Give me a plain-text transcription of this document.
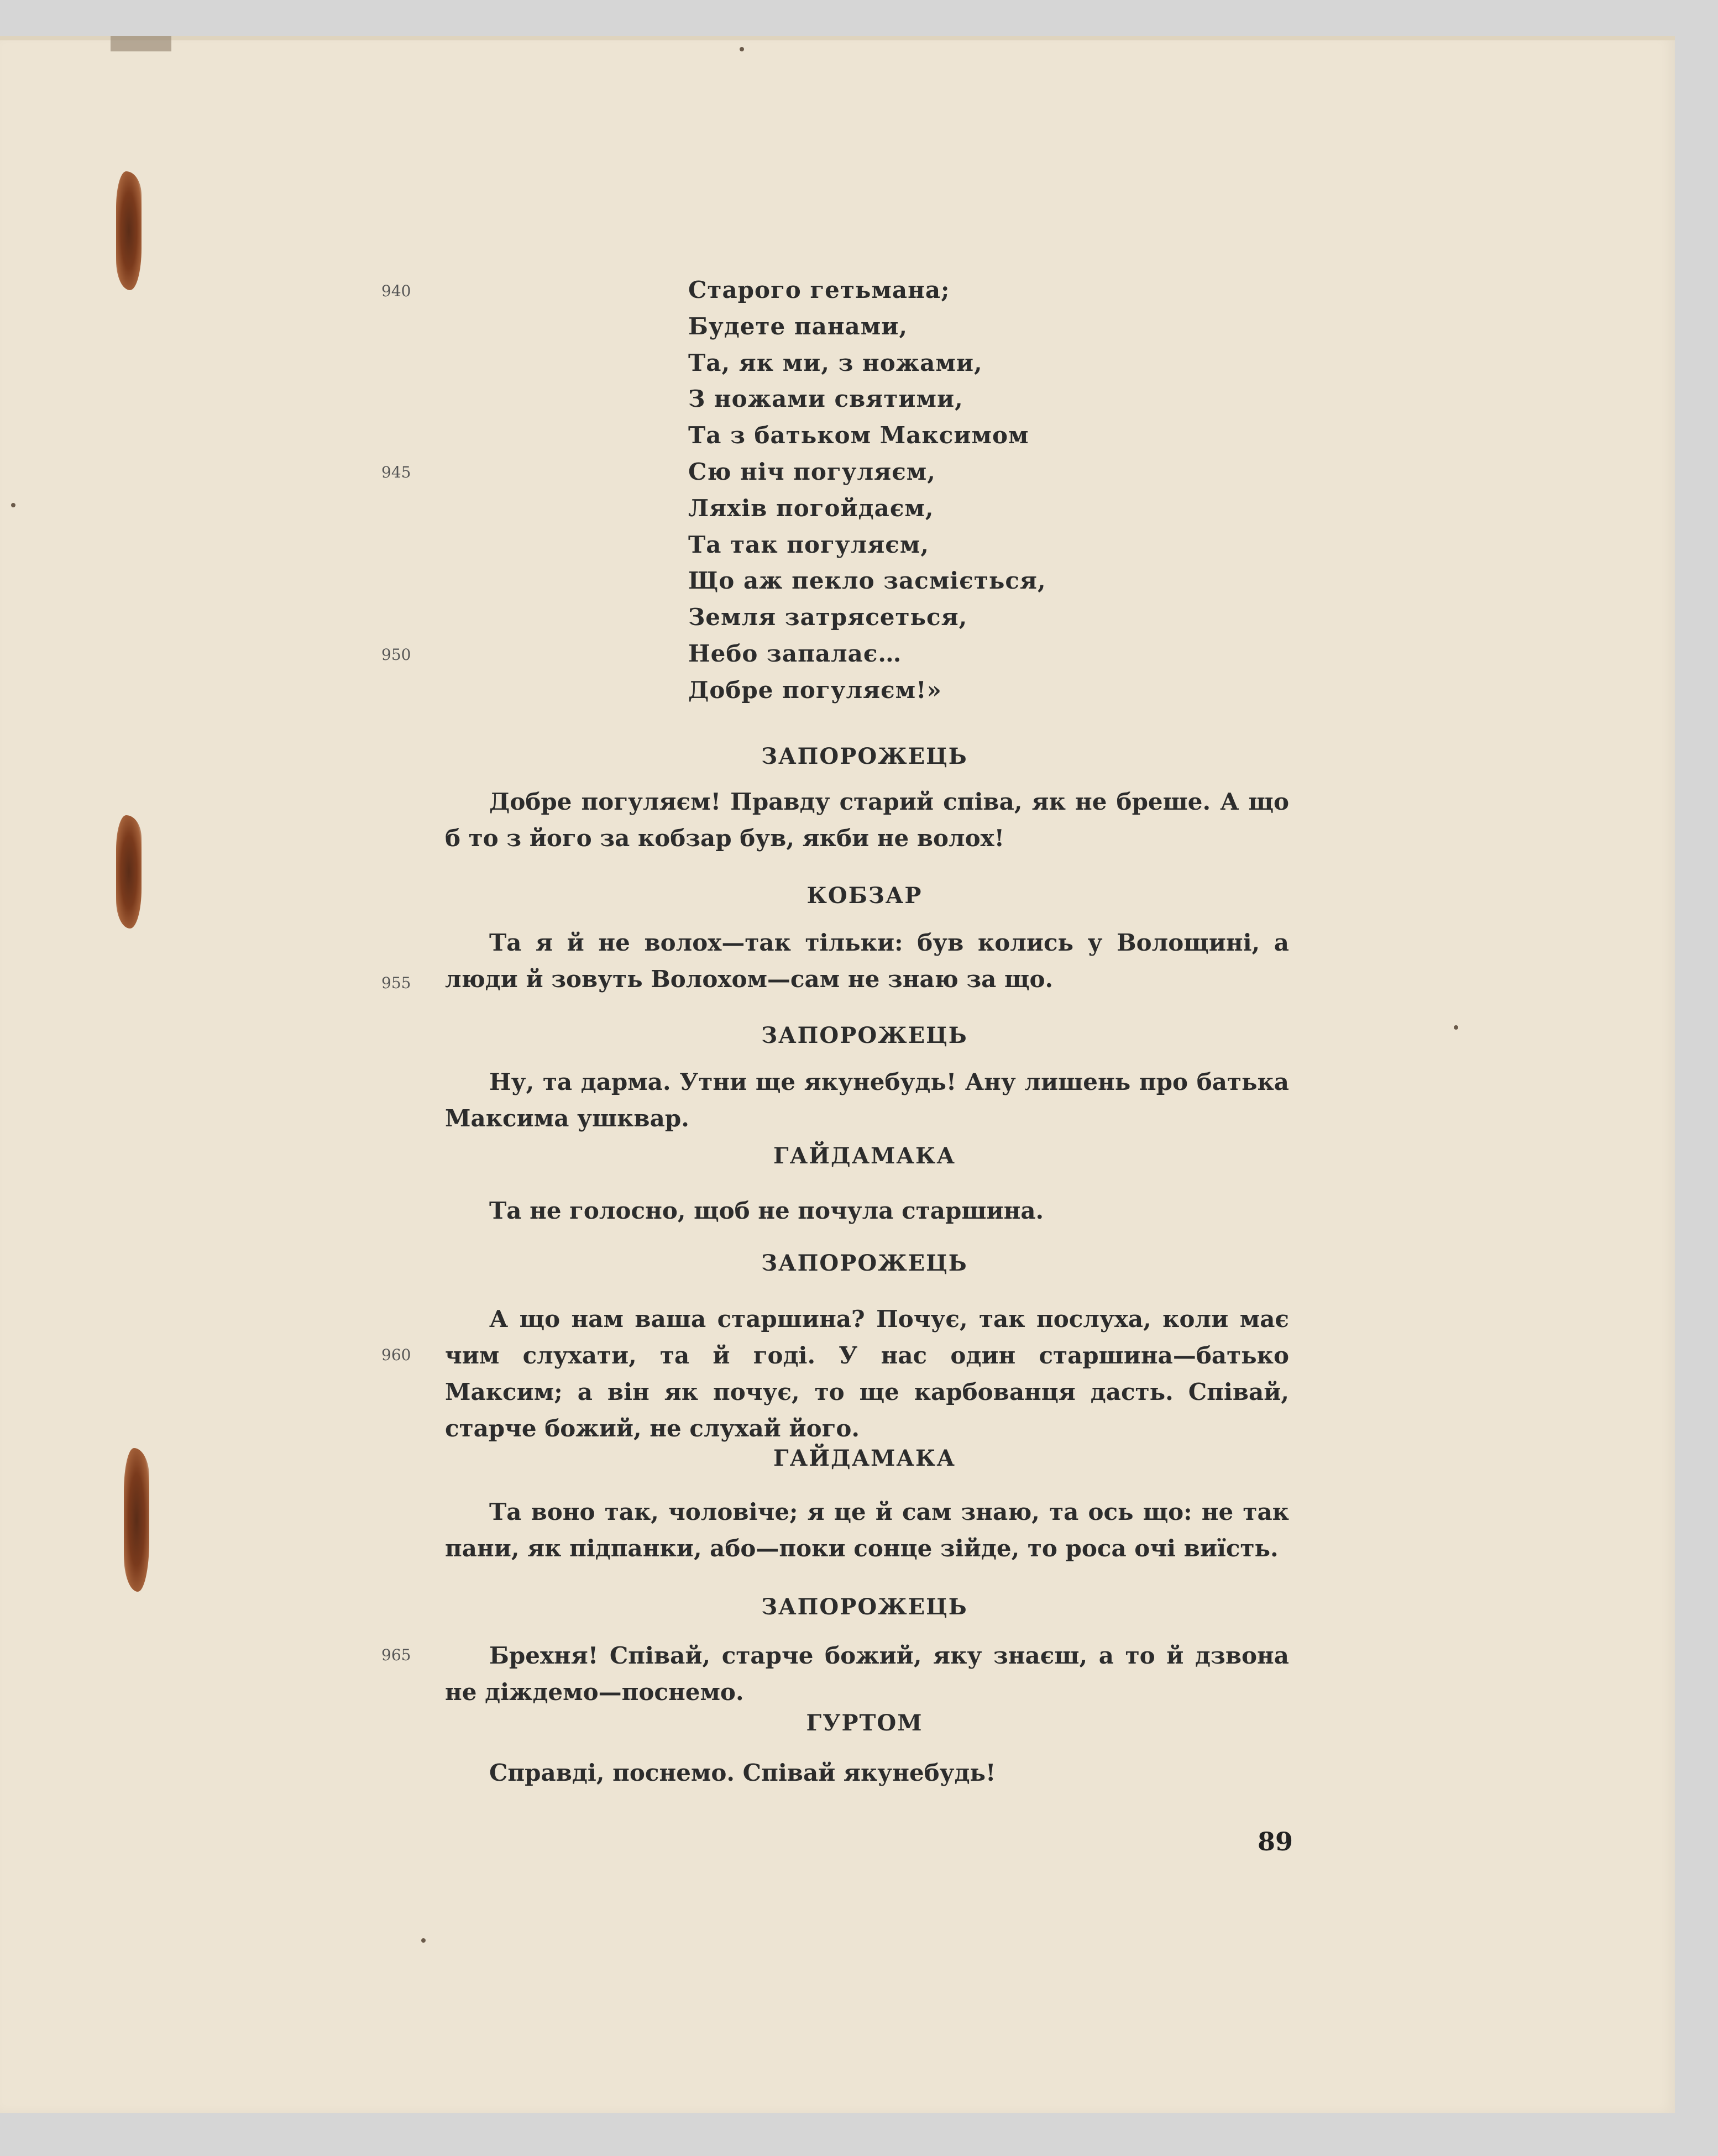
940
945
950
955
960
965
Старого гетьмана;
Будете панами,
Та, як ми, з ножами,
З ножами святими,
Та з батьком Максимом
Сю ніч погуляєм,
Ляхів погойдаєм,
Та так погуляєм,
Що аж пекло засміється,
Земля затрясеться,
Небо запалає…
Добре погуляєм!»
ЗАПОРОЖЕЦЬ

Добре погуляєм! Правду старий співа, як не бреше. А що б то з його за кобзар був, якби не волох!

КОБЗАР

Та я й не волох—так тільки: був колись у Волощині, а люди й зовуть Волохом—сам не знаю за що.

ЗАПОРОЖЕЦЬ

Ну, та дарма. Утни ще якунебудь! Ану лишень про батька Максима ушквар.

ГАЙДАМАКА

Та не голосно, щоб не почула старшина.

ЗАПОРОЖЕЦЬ

А що нам ваша старшина? Почує, так послуха, коли має чим слухати, та й годі. У нас один старшина—батько Максим; а він як почує, то ще карбованця дасть. Співай, старче божий, не слухай його.

ГАЙДАМАКА

Та воно так, чоловіче; я це й сам знаю, та ось що: не так пани, як підпанки, або—поки сонце зійде, то роса очі виїсть.

ЗАПОРОЖЕЦЬ

Брехня! Співай, старче божий, яку знаєш, а то й дзвона не діждемо—поснемо.

ГУРТОМ

Справді, поснемо. Співай якунебудь!

89
